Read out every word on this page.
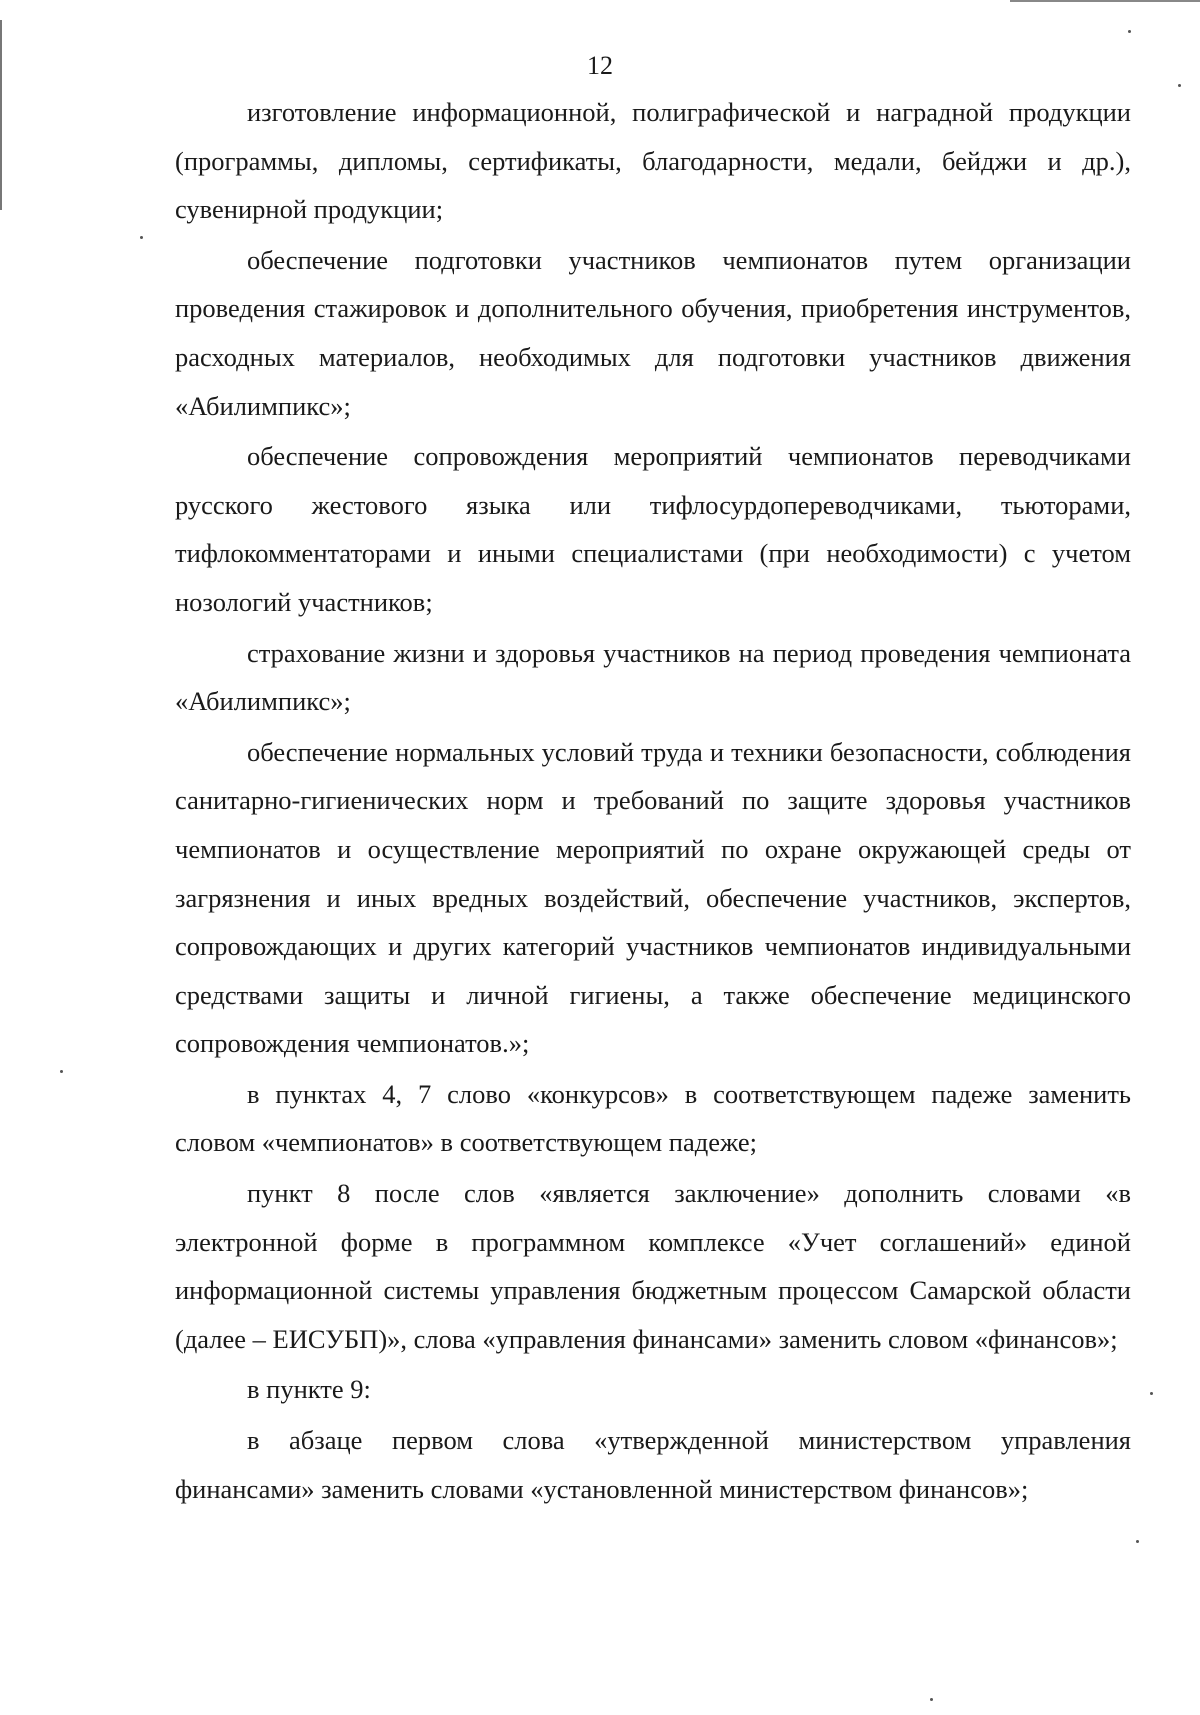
12

изготовление информационной, полиграфической и наградной продукции (программы, дипломы, сертификаты, благодарности, медали, бейджи и др.), сувенирной продукции;

обеспечение подготовки участников чемпионатов путем организации проведения стажировок и дополнительного обучения, приобретения инструментов, расходных материалов, необходимых для подготовки участников движения «Абилимпикс»;

обеспечение сопровождения мероприятий чемпионатов переводчиками русского жестового языка или тифлосурдопереводчиками, тьюторами, тифлокомментаторами и иными специалистами (при необходимости) с учетом нозологий участников;

страхование жизни и здоровья участников на период проведения чемпионата «Абилимпикс»;

обеспечение нормальных условий труда и техники безопасности, соблюдения санитарно-гигиенических норм и требований по защите здоровья участников чемпионатов и осуществление мероприятий по охране окружающей среды от загрязнения и иных вредных воздействий, обеспечение участников, экспертов, сопровождающих и других категорий участников чемпионатов индивидуальными средствами защиты и личной гигиены, а также обеспечение медицинского сопровождения чемпионатов.»;

в пунктах 4, 7 слово «конкурсов» в соответствующем падеже заменить словом «чемпионатов» в соответствующем падеже;

пункт 8 после слов «является заключение» дополнить словами «в электронной форме в программном комплексе «Учет соглашений» единой информационной системы управления бюджетным процессом Самарской области (далее – ЕИСУБП)», слова «управления финансами» заменить словом «финансов»;

в пункте 9:

в абзаце первом слова «утвержденной министерством управления финансами» заменить словами «установленной министерством финансов»;
